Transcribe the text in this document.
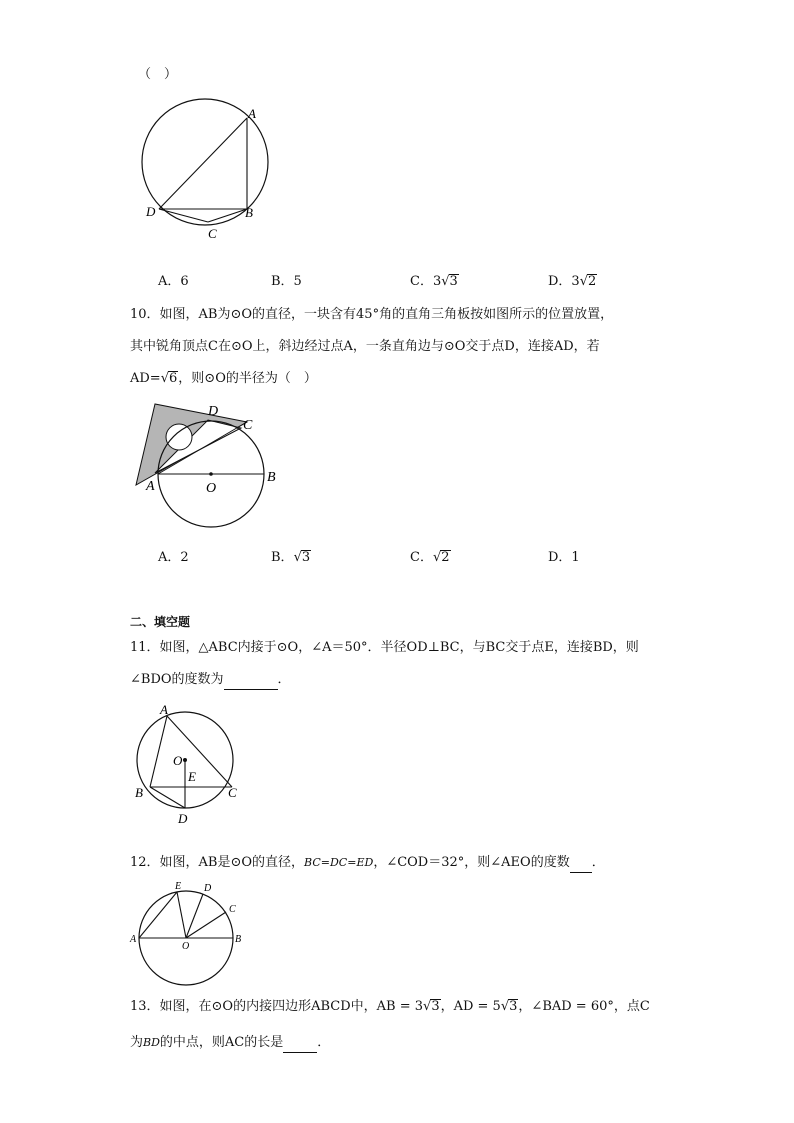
（　）
A
D	B
C
A．6	B．5	C．3√3	D．3√2
10．如图，AB为⊙O的直径，一块含有45°角的直角三角板按如图所示的位置放置，
其中锐角顶点C在⊙O上，斜边经过点A，一条直角边与⊙O交于点D，连接AD，若
AD=√6，则⊙O的半径为（　）
A	O
B
D
C
A．2	B．√3	C．√2	D．1
二、填空题
11．如图，△ABC内接于⊙O，∠A＝50°．半径OD⊥BC，与BC交于点E，连接BD，则
∠BDO的度数为	．
A
O
E
B	C
D
12．如图，AB是⊙O的直径，BC=DC=ED，∠COD＝32°，则∠AEO的度数 ．
E D
C
A	B
O
13．如图，在⊙O的内接四边形ABCD中，AB = 3√3，AD = 5√3，∠BAD = 60°，点C
为BD的中点，则AC的长是	．
